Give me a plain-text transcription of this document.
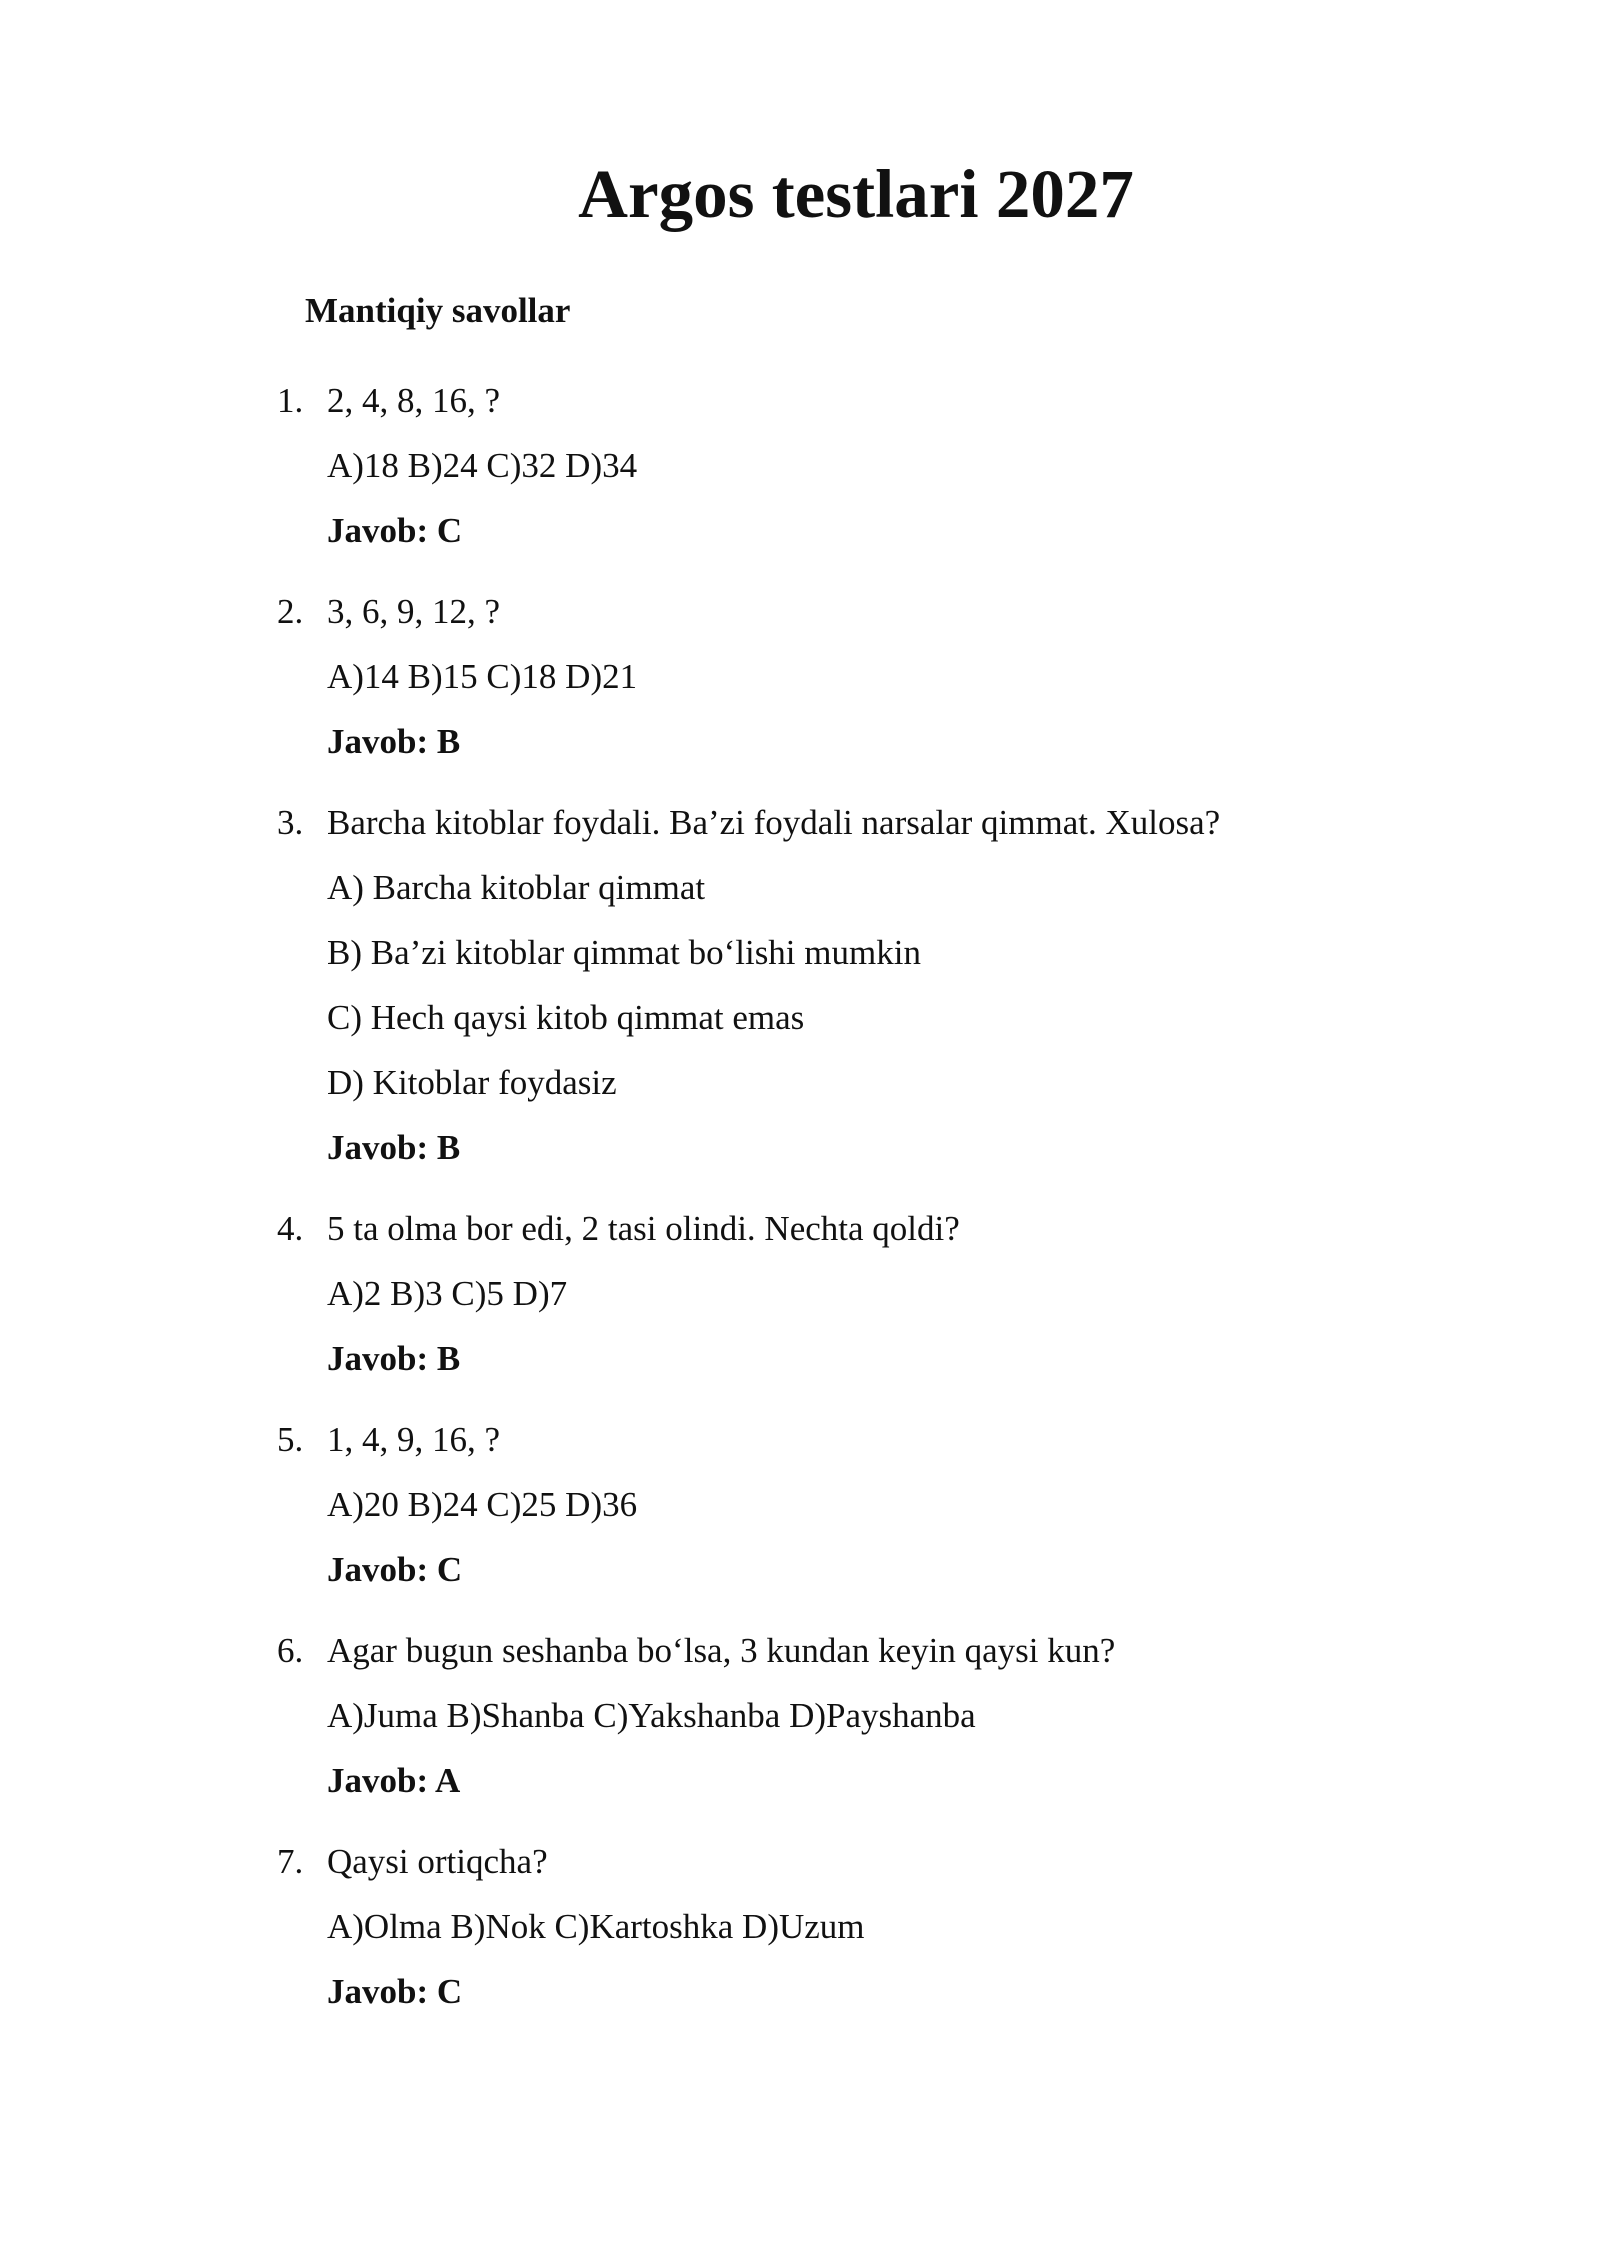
Argos testlari 2027
Mantiqiy savollar
1. 2, 4, 8, 16, ?
A)18 B)24 C)32 D)34
Javob: C
2. 3, 6, 9, 12, ?
A)14 B)15 C)18 D)21
Javob: B
3. Barcha kitoblar foydali. Ba’zi foydali narsalar qimmat. Xulosa?
A) Barcha kitoblar qimmat
B) Ba’zi kitoblar qimmat bo‘lishi mumkin
C) Hech qaysi kitob qimmat emas
D) Kitoblar foydasiz
Javob: B
4. 5 ta olma bor edi, 2 tasi olindi. Nechta qoldi?
A)2 B)3 C)5 D)7
Javob: B
5. 1, 4, 9, 16, ?
A)20 B)24 C)25 D)36
Javob: C
6. Agar bugun seshanba bo‘lsa, 3 kundan keyin qaysi kun?
A)Juma B)Shanba C)Yakshanba D)Payshanba
Javob: A
7. Qaysi ortiqcha?
A)Olma B)Nok C)Kartoshka D)Uzum
Javob: C
